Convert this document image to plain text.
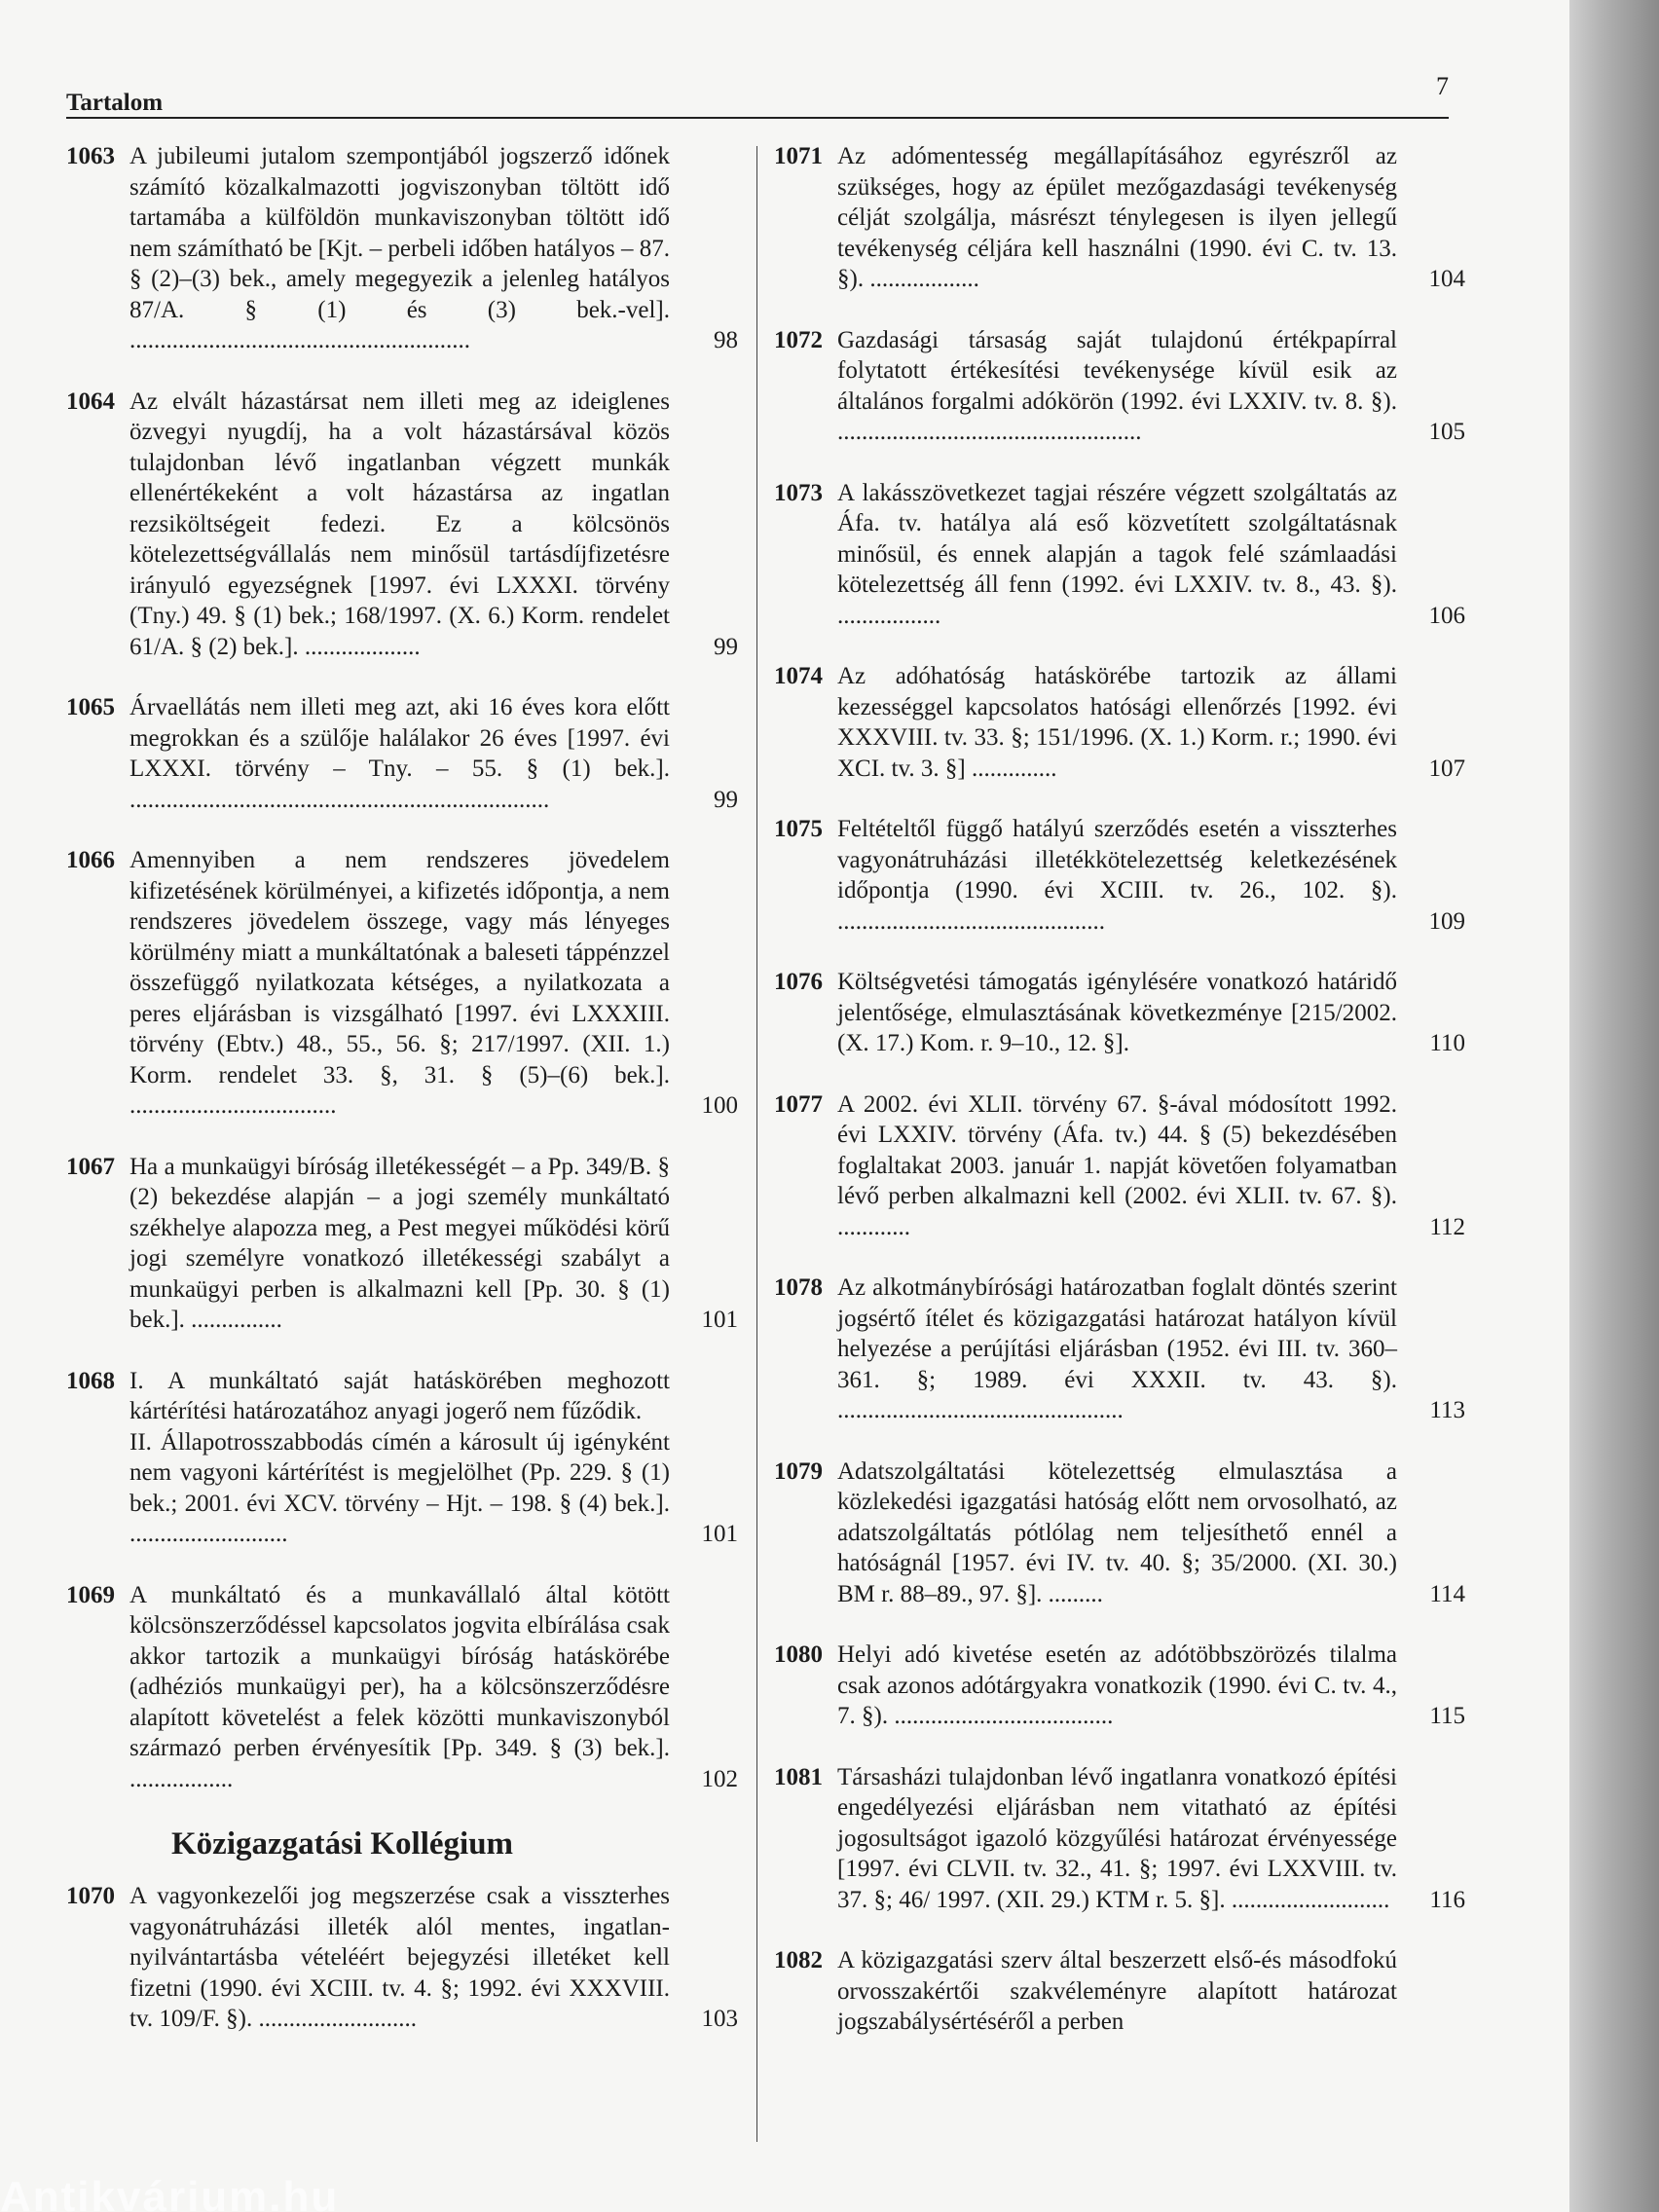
Tartalom
7
1063 A jubileumi jutalom szempontjából jogszerző időnek számító közalkalmazotti jogviszonyban töltött idő tartamába a külföldön munkaviszonyban töltött idő nem számítható be [Kjt. – perbeli időben hatályos – 87. § (2)–(3) bek., amely megegyezik a jelenleg hatályos 87/A. § (1) és (3) bek.-vel]. ........................................................	98
1064 Az elvált házastársat nem illeti meg az ideiglenes özvegyi nyugdíj, ha a volt házastársával közös tulajdonban lévő ingatlanban végzett munkák ellenértékeként a volt házastársa az ingatlan rezsiköltségeit fedezi. Ez a kölcsönös kötelezettségvállalás nem minősül tartásdíjfizetésre irányuló egyezségnek [1997. évi LXXXI. törvény (Tny.) 49. § (1) bek.; 168/1997. (X. 6.) Korm. rendelet 61/A. § (2) bek.]. ...................	99
1065 Árvaellátás nem illeti meg azt, aki 16 éves kora előtt megrokkan és a szülője halálakor 26 éves [1997. évi LXXXI. törvény – Tny. – 55. § (1) bek.]. .....................................................................	99
1066 Amennyiben a nem rendszeres jövedelem kifizetésének körülményei, a kifizetés időpontja, a nem rendszeres jövedelem összege, vagy más lényeges körülmény miatt a munkáltatónak a baleseti táppénzzel összefüggő nyilatkozata kétséges, a nyilatkozata a peres eljárásban is vizsgálható [1997. évi LXXXIII. törvény (Ebtv.) 48., 55., 56. §; 217/1997. (XII. 1.) Korm. rendelet 33. §, 31. § (5)–(6) bek.]. ..................................	100
1067 Ha a munkaügyi bíróság illetékességét – a Pp. 349/B. § (2) bekezdése alapján – a jogi személy munkáltató székhelye alapozza meg, a Pest megyei működési körű jogi személyre vonatkozó illetékességi szabályt a munkaügyi perben is alkalmazni kell [Pp. 30. § (1) bek.]. ...............	101
1068 I. A munkáltató saját hatáskörében meghozott kártérítési határozatához anyagi jogerő nem fűződik.
II. Állapotrosszabbodás címén a károsult új igényként nem vagyoni kártérítést is megjelölhet (Pp. 229. § (1) bek.; 2001. évi XCV. törvény – Hjt. – 198. § (4) bek.]. ..........................	101
1069 A munkáltató és a munkavállaló által kötött kölcsönszerződéssel kapcsolatos jogvita elbírálása csak akkor tartozik a munkaügyi bíróság hatáskörébe (adhéziós munkaügyi per), ha a kölcsönszerződésre alapított követelést a felek közötti munkaviszonyból származó perben érvényesítik [Pp. 349. § (3) bek.]. .................	102
Közigazgatási Kollégium
1070 A vagyonkezelői jog megszerzése csak a visszterhes vagyonátruházási illeték alól mentes, ingatlan-nyilvántartásba vételéért bejegyzési illetéket kell fizetni (1990. évi XCIII. tv. 4. §; 1992. évi XXXVIII. tv. 109/F. §). ..........................	103
1071 Az adómentesség megállapításához egyrészről az szükséges, hogy az épület mezőgazdasági tevékenység célját szolgálja, másrészt ténylegesen is ilyen jellegű tevékenység céljára kell használni (1990. évi C. tv. 13. §). ..................	104
1072 Gazdasági társaság saját tulajdonú értékpapírral folytatott értékesítési tevékenysége kívül esik az általános forgalmi adókörön (1992. évi LXXIV. tv. 8. §). ..................................................	105
1073 A lakásszövetkezet tagjai részére végzett szolgáltatás az Áfa. tv. hatálya alá eső közvetített szolgáltatásnak minősül, és ennek alapján a tagok felé számlaadási kötelezettség áll fenn (1992. évi LXXIV. tv. 8., 43. §). .................	106
1074 Az adóhatóság hatáskörébe tartozik az állami kezességgel kapcsolatos hatósági ellenőrzés [1992. évi XXXVIII. tv. 33. §; 151/1996. (X. 1.) Korm. r.; 1990. évi XCI. tv. 3. §] ..............	107
1075 Feltételtől függő hatályú szerződés esetén a visszterhes vagyonátruházási illetékkötelezettség keletkezésének időpontja (1990. évi XCIII. tv. 26., 102. §). ............................................	109
1076 Költségvetési támogatás igénylésére vonatkozó határidő jelentősége, elmulasztásának következménye [215/2002. (X. 17.) Kom. r. 9–10., 12. §].	110
1077 A 2002. évi XLII. törvény 67. §-ával módosított 1992. évi LXXIV. törvény (Áfa. tv.) 44. § (5) bekezdésében foglaltakat 2003. január 1. napját követően folyamatban lévő perben alkalmazni kell (2002. évi XLII. tv. 67. §). ............	112
1078 Az alkotmánybírósági határozatban foglalt döntés szerint jogsértő ítélet és közigazgatási határozat hatályon kívül helyezése a perújítási eljárásban (1952. évi III. tv. 360–361. §; 1989. évi XXXII. tv. 43. §). ...............................................	113
1079 Adatszolgáltatási kötelezettség elmulasztása a közlekedési igazgatási hatóság előtt nem orvosolható, az adatszolgáltatás pótlólag nem teljesíthető ennél a hatóságnál [1957. évi IV. tv. 40. §; 35/2000. (XI. 30.) BM r. 88–89., 97. §]. .........	114
1080 Helyi adó kivetése esetén az adótöbbszörözés tilalma csak azonos adótárgyakra vonatkozik (1990. évi C. tv. 4., 7. §). ....................................	115
1081 Társasházi tulajdonban lévő ingatlanra vonatkozó építési engedélyezési eljárásban nem vitatható az építési jogosultságot igazoló közgyűlési határozat érvényessége [1997. évi CLVII. tv. 32., 41. §; 1997. évi LXXVIII. tv. 37. §; 46/ 1997. (XII. 29.) KTM r. 5. §]. ..........................	116
1082 A közigazgatási szerv által beszerzett első-és másodfokú orvosszakértői szakvéleményre alapított határozat jogszabálysértéséről a perben
Antikvárium.hu
